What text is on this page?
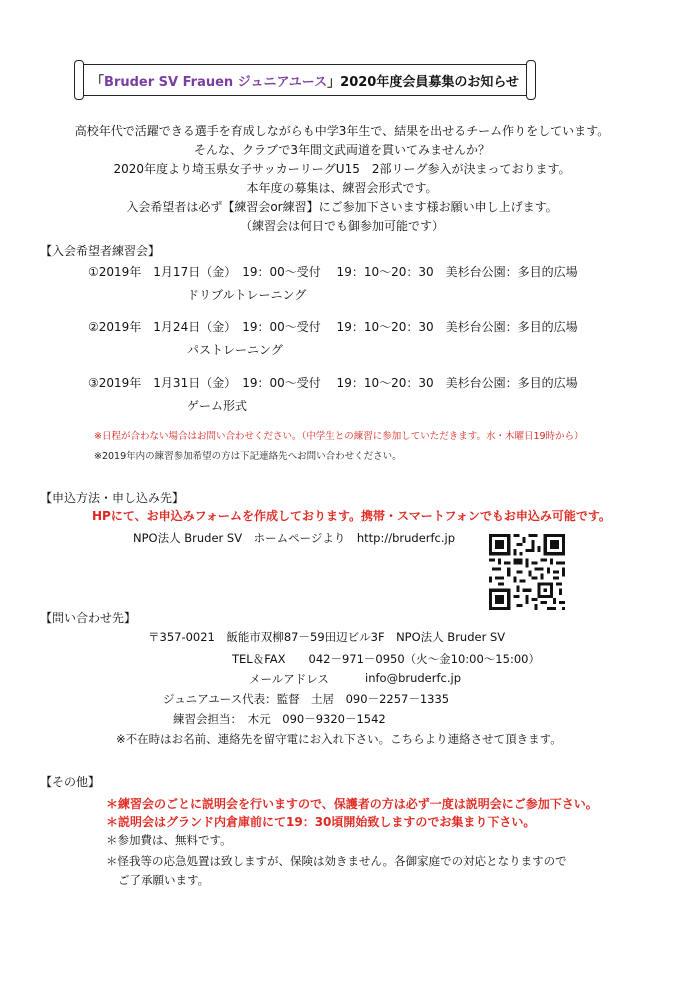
「Bruder SV Frauen ジュニアユース」2020年度会員募集のお知らせ
高校年代で活躍できる選手を育成しながらも中学3年生で、結果を出せるチーム作りをしています。
そんな、クラブで3年間文武両道を貫いてみませんか？
2020年度より埼玉県女子サッカーリーグU15　2部リーグ参入が決まっております。
本年度の募集は、練習会形式です。
入会希望者は必ず【練習会or練習】にご参加下さいます様お願い申し上げます。
（練習会は何日でも御参加可能です）
【入会希望者練習会】
①2019年　1月17日（金）　19：00～受付　 19：10～20：30　美杉台公園：多目的広場
ドリブルトレーニング
②2019年　1月24日（金）　19：00～受付　 19：10～20：30　美杉台公園：多目的広場
パストレーニング
③2019年　1月31日（金）　19：00～受付　 19：10～20：30　美杉台公園：多目的広場
ゲーム形式
※日程が合わない場合はお問い合わせください。（中学生との練習に参加していただきます。水・木曜日19時から）
※2019年内の練習参加希望の方は下記連絡先へお問い合わせください。
【申込方法・申し込み先】
HPにて、お申込みフォームを作成しております。携帯・スマートフォンでもお申込み可能です。
NPO法人 Bruder SV　ホームページより　http://bruderfc.jp
【問い合わせ先】
〒357-0021　飯能市双柳87－59田辺ビル3F　NPO法人 Bruder SV
TEL＆FAX　　042－971－0950（火～金10:00～15:00）
メールアドレス	info@bruderfc.jp
ジュニアユース代表：監督　土居　090－2257－1335
練習会担当：　木元　090－9320－1542
※不在時はお名前、連絡先を留守電にお入れ下さい。こちらより連絡させて頂きます。
【その他】
＊練習会のごとに説明会を行いますので、保護者の方は必ず一度は説明会にご参加下さい。
＊説明会はグランド内倉庫前にて19：30頃開始致しますのでお集まり下さい。
＊参加費は、無料です。
＊怪我等の応急処置は致しますが、保険は効きません。各御家庭での対応となりますので
ご了承願います。
